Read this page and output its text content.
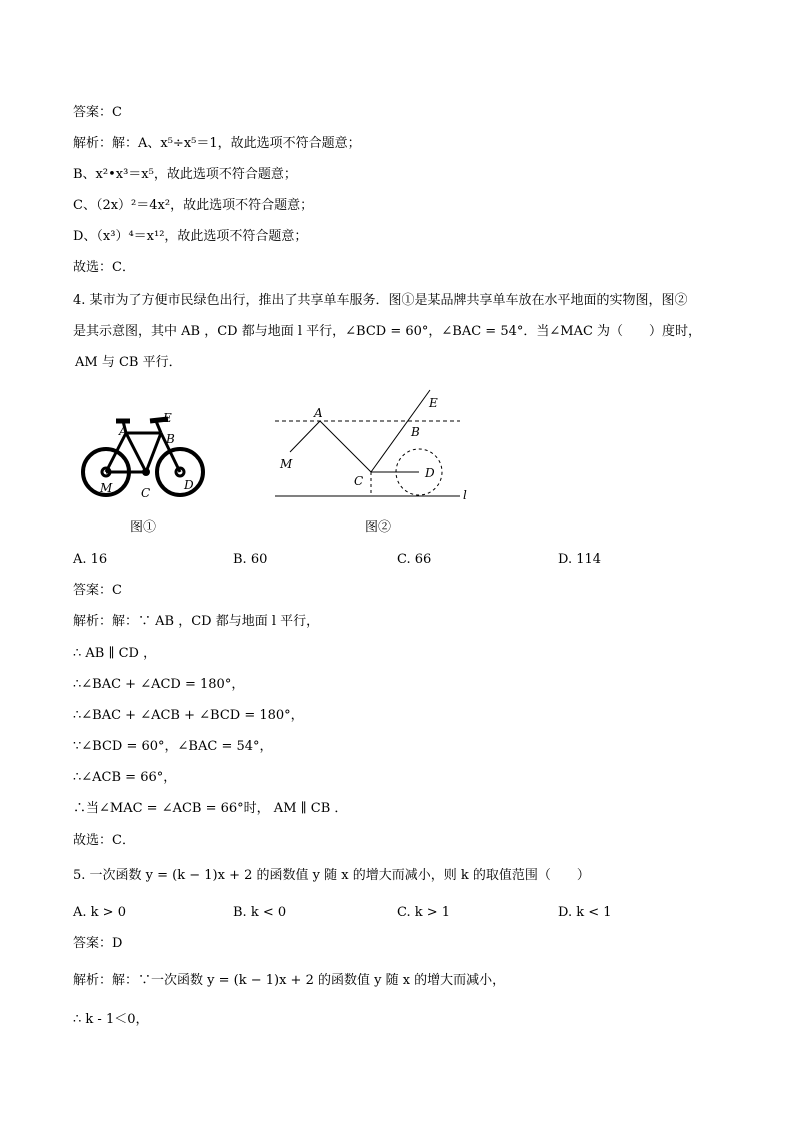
答案：C
解析：解：A、x⁵÷x⁵＝1，故此选项不符合题意；
B、x²•x³＝x⁵，故此选项不符合题意；
C、（2x）²＝4x²，故此选项不符合题意；
D、（x³）⁴＝x¹²，故此选项不符合题意；
故选：C．
4. 某市为了方便市民绿色出行，推出了共享单车服务．图①是某品牌共享单车放在水平地面的实物图，图②
是其示意图，其中 AB ，CD 都与地面 l 平行，∠BCD = 60°，∠BAC = 54°．当∠MAC 为（　　）度时，
AM 与 CB 平行．
A
E
B
M C
D
图①
A
E
B
M
C
D
l
图②
A. 16	B. 60	C. 66	D. 114
答案：C
解析：解：∵ AB ，CD 都与地面 l 平行，
∴ AB ∥ CD ，
∴∠BAC + ∠ACD = 180°，
∴∠BAC + ∠ACB + ∠BCD = 180°，
∵∠BCD = 60°，∠BAC = 54°，
∴∠ACB = 66°，
∴当∠MAC = ∠ACB = 66°时， AM ∥ CB ．
故选：C．
5. 一次函数 y = (k − 1)x + 2 的函数值 y 随 x 的增大而减小，则 k 的取值范围（　　）
A. k > 0	B. k < 0	C. k > 1	D. k < 1
答案：D
解析：解：∵一次函数 y = (k − 1)x + 2 的函数值 y 随 x 的增大而减小，
∴ k - 1＜0，
